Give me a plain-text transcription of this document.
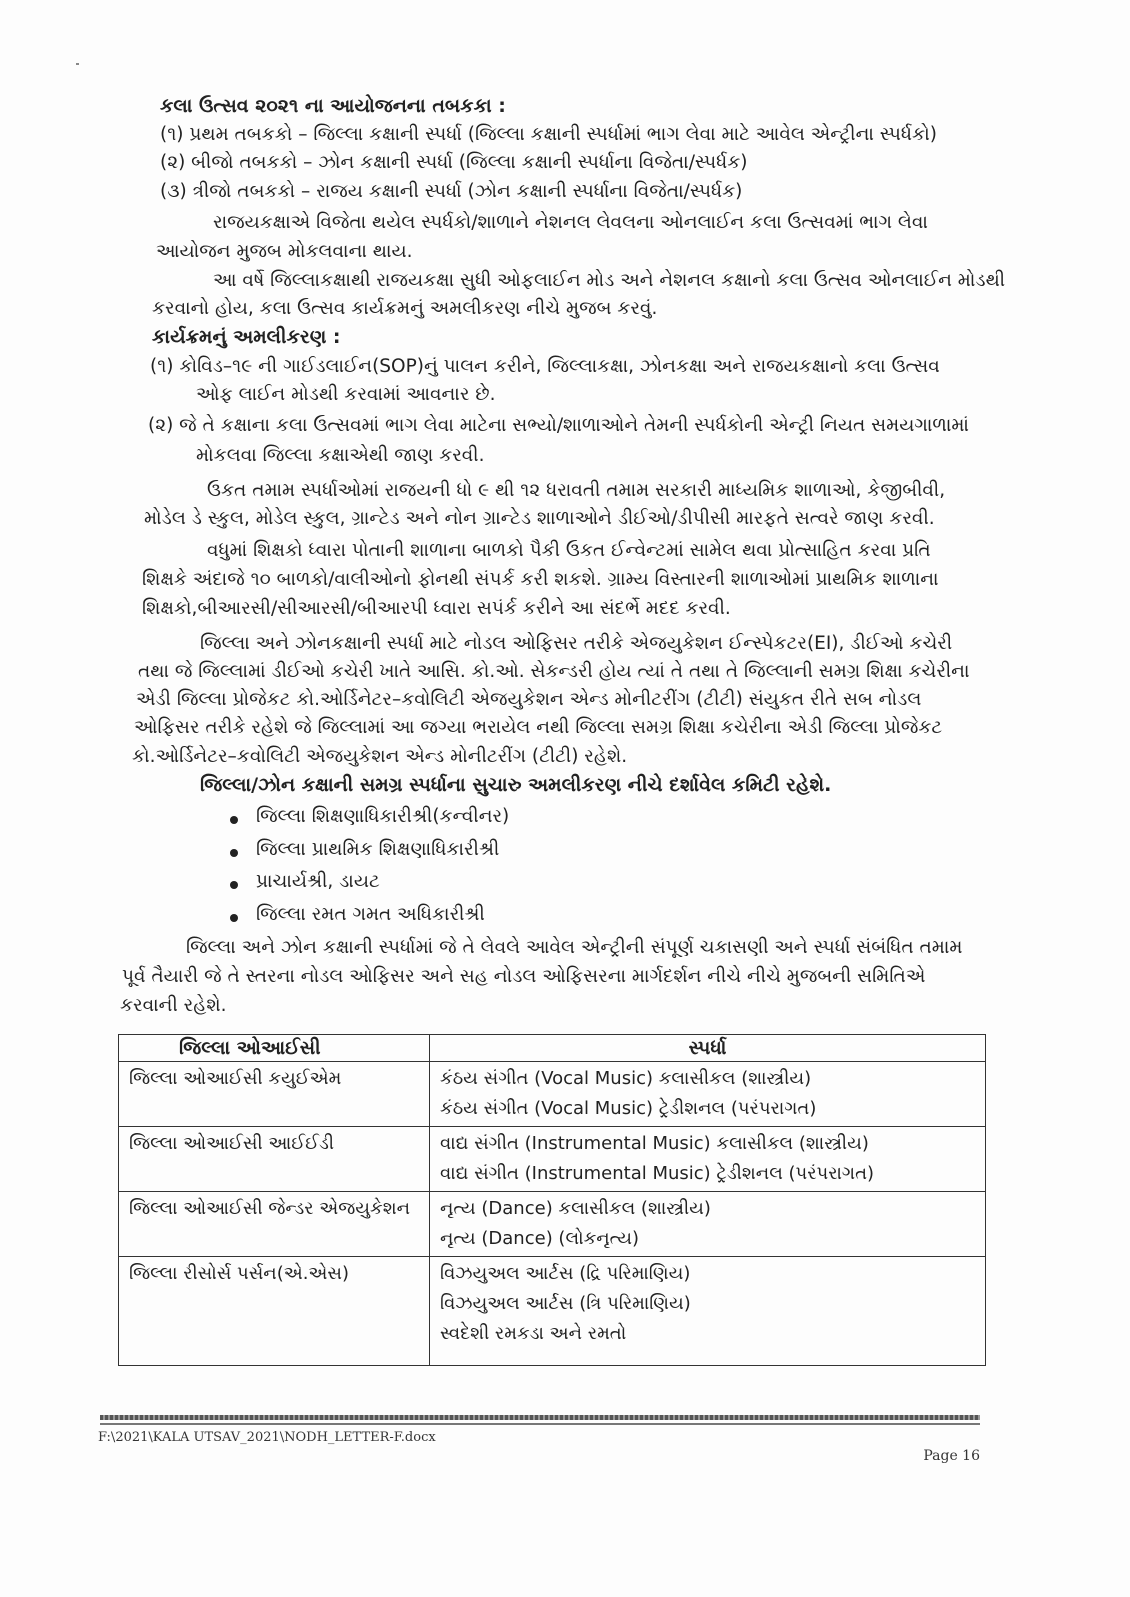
કલા ઉત્સવ ૨૦૨૧ ના આયોજનના તબકકા :
(૧) પ્રથમ તબકકો – જિલ્લા કક્ષાની સ્પર્ધા (જિલ્લા કક્ષાની સ્પર્ધામાં ભાગ લેવા માટે આવેલ એન્ટ્રીના સ્પર્ધકો)
(૨) બીજો તબકકો – ઝોન કક્ષાની સ્પર્ધા (જિલ્લા કક્ષાની સ્પર્ધાના વિજેતા/સ્પર્ધક)
(૩) ત્રીજો તબકકો – રાજય કક્ષાની સ્પર્ધા (ઝોન કક્ષાની સ્પર્ધાના વિજેતા/સ્પર્ધક)
રાજયકક્ષાએ વિજેતા થયેલ સ્પર્ધકો/શાળાને નેશનલ લેવલના ઓનલાઈન કલા ઉત્સવમાં ભાગ લેવા
આયોજન મુજબ મોકલવાના થાય.
આ વર્ષે જિલ્લાકક્ષાથી રાજયકક્ષા સુધી ઓફલાઈન મોડ અને નેશનલ કક્ષાનો કલા ઉત્સવ ઓનલાઈન મોડથી
કરવાનો હોય, કલા ઉત્સવ કાર્યક્રમનું અમલીકરણ નીચે મુજબ કરવું.
કાર્યક્રમનું અમલીકરણ :
(૧) કોવિડ–૧૯ ની ગાઈડલાઈન(SOP)નું પાલન કરીને, જિલ્લાકક્ષા, ઝોનકક્ષા અને રાજયકક્ષાનો કલા ઉત્સવ
ઓફ લાઈન મોડથી કરવામાં આવનાર છે.
(૨) જે તે કક્ષાના કલા ઉત્સવમાં ભાગ લેવા માટેના સભ્યો/શાળાઓને તેમની સ્પર્ધકોની એન્ટ્રી નિયત સમયગાળામાં
મોકલવા જિલ્લા કક્ષાએથી જાણ કરવી.
ઉકત તમામ સ્પર્ધાઓમાં રાજયની ધો ૯ થી ૧૨ ધરાવતી તમામ સરકારી માધ્યમિક શાળાઓ, કેજીબીવી,
મોડેલ ડે સ્કુલ, મોડેલ સ્કુલ, ગ્રાન્ટેડ અને નોન ગ્રાન્ટેડ શાળાઓને ડીઈઓ/ડીપીસી મારફતે સત્વરે જાણ કરવી.
વધુમાં શિક્ષકો ધ્વારા પોતાની શાળાના બાળકો પૈકી ઉકત ઈન્વેન્ટમાં સામેલ થવા પ્રોત્સાહિત કરવા પ્રતિ
શિક્ષકે અંદાજે ૧૦ બાળકો/વાલીઓનો ફોનથી સંપર્ક કરી શકશે. ગ્રામ્ય વિસ્તારની શાળાઓમાં પ્રાથમિક શાળાના
શિક્ષકો,બીઆરસી/સીઆરસી/બીઆરપી ધ્વારા સપંર્ક કરીને આ સંદર્ભે મદદ કરવી.
જિલ્લા અને ઝોનકક્ષાની સ્પર્ધા માટે નોડલ ઓફિસર તરીકે એજયુકેશન ઈન્સ્પેકટર(EI), ડીઈઓ કચેરી
તથા જે જિલ્લામાં ડીઈઓ કચેરી ખાતે આસિ. કો.ઓ. સેકન્ડરી હોય ત્યાં તે તથા તે જિલ્લાની સમગ્ર શિક્ષા કચેરીના
એડી જિલ્લા પ્રોજેકટ કો.ઓર્ડિનેટર–કવોલિટી એજયુકેશન એન્ડ મોનીટરીંગ (ટીટી) સંયુકત રીતે સબ નોડલ
ઓફિસર તરીકે રહેશે જે જિલ્લામાં આ જગ્યા ભરાયેલ નથી જિલ્લા સમગ્ર શિક્ષા કચેરીના એડી જિલ્લા પ્રોજેકટ
કો.ઓર્ડિનેટર–કવોલિટી એજયુકેશન એન્ડ મોનીટરીંગ (ટીટી) રહેશે.
જિલ્લા/ઝોન કક્ષાની સમગ્ર સ્પર્ધાના સુચારુ અમલીકરણ નીચે દર્શાવેલ કમિટી રહેશે.
જિલ્લા શિક્ષણાધિકારીશ્રી(કન્વીનર)
જિલ્લા પ્રાથમિક શિક્ષણાધિકારીશ્રી
પ્રાચાર્યશ્રી, ડાયટ
જિલ્લા રમત ગમત અધિકારીશ્રી
જિલ્લા અને ઝોન કક્ષાની સ્પર્ધામાં જે તે લેવલે આવેલ એન્ટ્રીની સંપૂર્ણ ચકાસણી અને સ્પર્ધા સંબંધિત તમામ
પૂર્વ તૈયારી જે તે સ્તરના નોડલ ઓફિસર અને સહ નોડલ ઓફિસરના માર્ગદર્શન નીચે નીચે મુજબની સમિતિએ
કરવાની રહેશે.
જિલ્લા ઓઆઈસી	સ્પર્ધા

જિલ્લા ઓઆઈસી કયુઈએમ	કંઠય સંગીત (Vocal Music) કલાસીકલ (શાસ્ત્રીય)
કંઠય સંગીત (Vocal Music) ટ્રેડીશનલ (પરંપરાગત)

જિલ્લા ઓઆઈસી આઈઈડી	વાદ્ય સંગીત (Instrumental Music) કલાસીકલ (શાસ્ત્રીય)
વાદ્ય સંગીત (Instrumental Music) ટ્રેડીશનલ (પરંપરાગત)

જિલ્લા ઓઆઈસી જેન્ડર એજયુકેશન	નૃત્ય (Dance) કલાસીકલ (શાસ્ત્રીય)
નૃત્ય (Dance) (લોકનૃત્ય)

જિલ્લા રીસોર્સ પર્સન(એ.એસ)	વિઝયુઅલ આર્ટસ (દ્રિ પરિમાણિય)
વિઝયુઅલ આર્ટસ (ત્રિ પરિમાણિય)
સ્વદેશી રમકડા અને રમતો
F:\2021\KALA UTSAV_2021\NODH_LETTER-F.docx
Page 16
